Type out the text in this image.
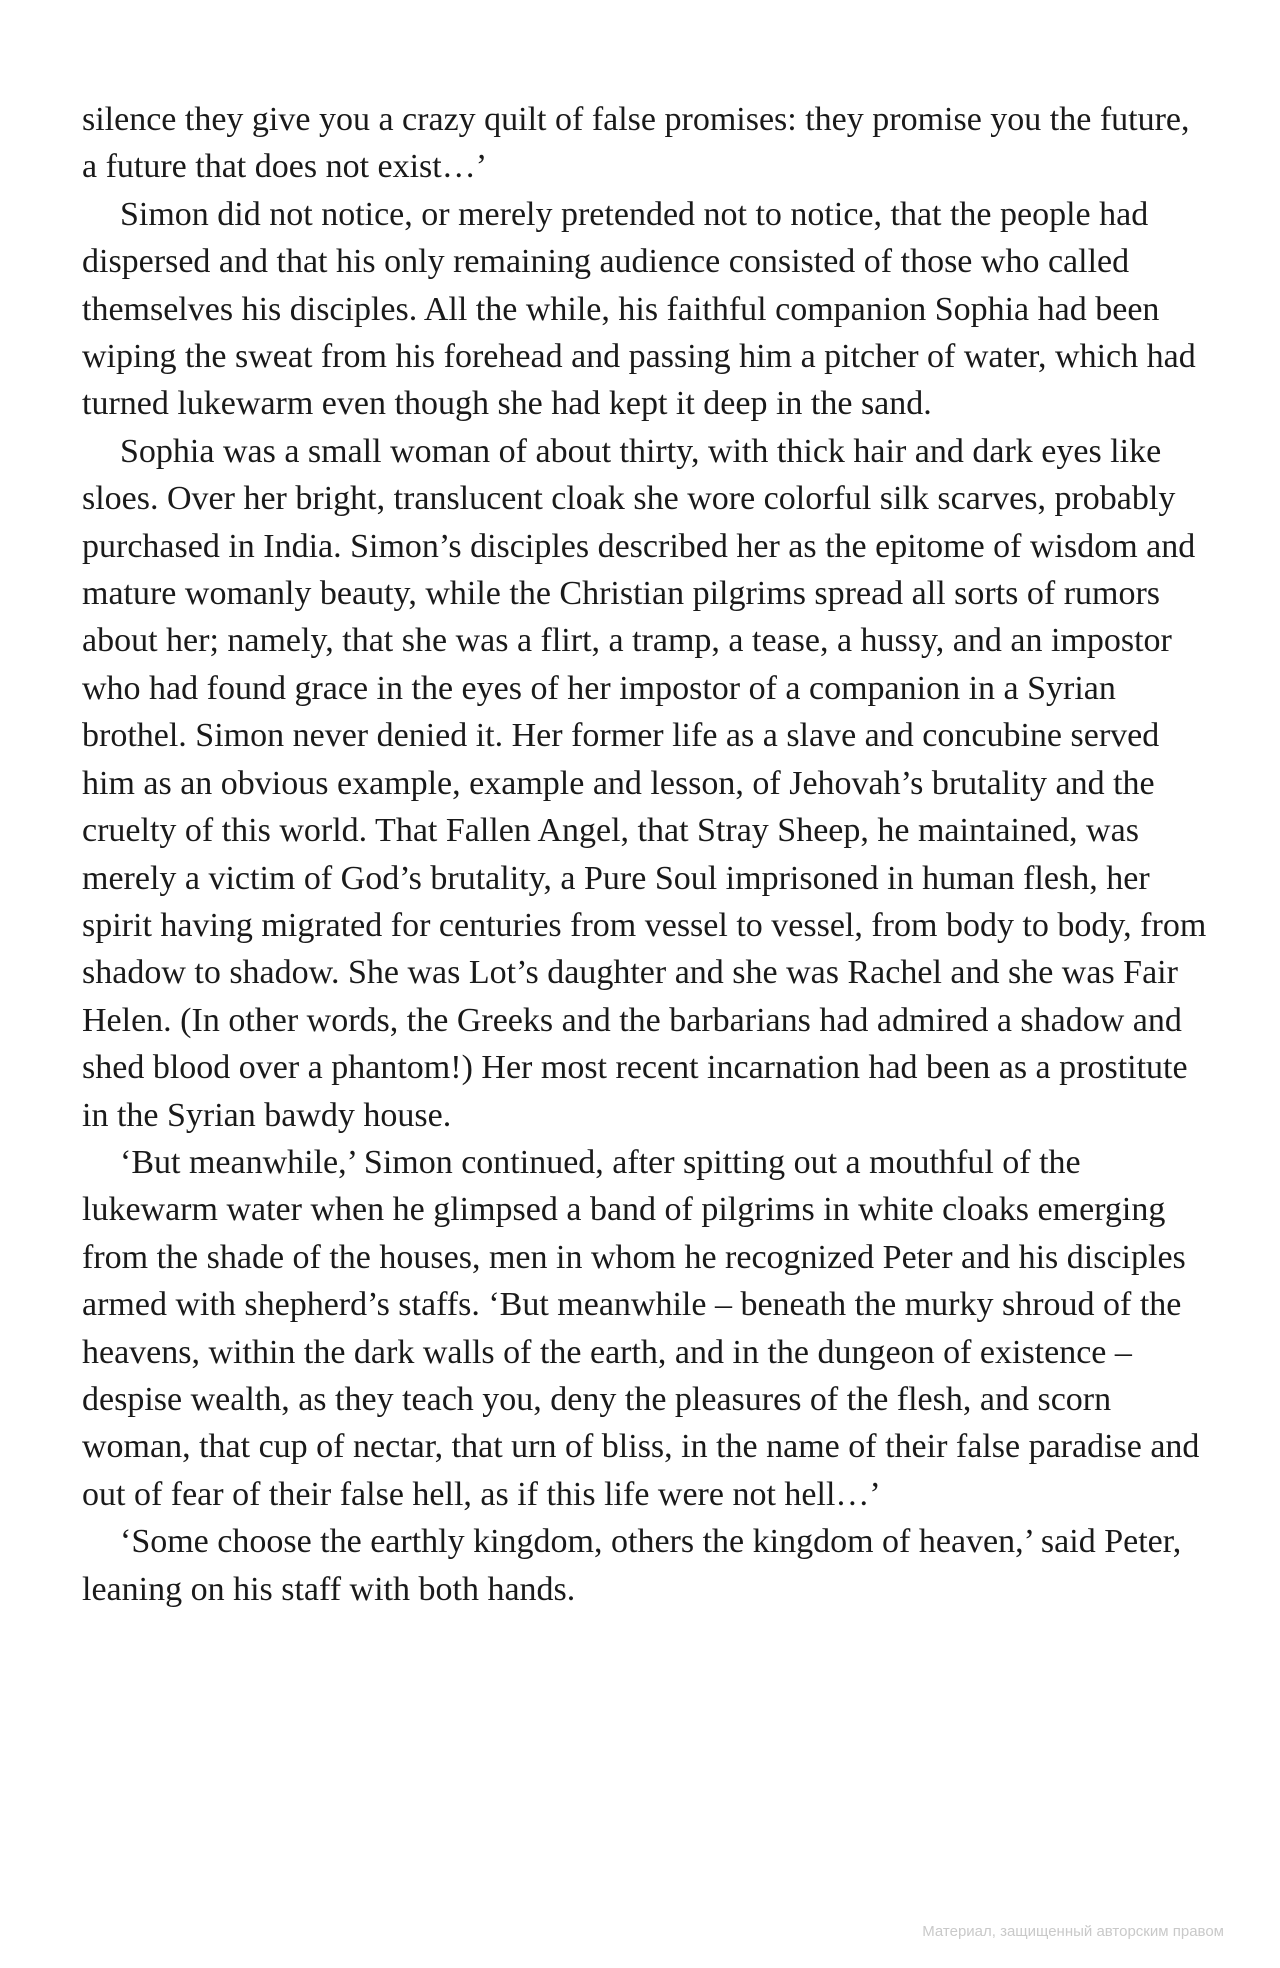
silence they give you a crazy quilt of false promises: they promise you the future, a future that does not exist…’

Simon did not notice, or merely pretended not to notice, that the people had dispersed and that his only remaining audience consisted of those who called themselves his disciples. All the while, his faithful companion Sophia had been wiping the sweat from his forehead and passing him a pitcher of water, which had turned lukewarm even though she had kept it deep in the sand.

Sophia was a small woman of about thirty, with thick hair and dark eyes like sloes. Over her bright, translucent cloak she wore colorful silk scarves, probably purchased in India. Simon’s disciples described her as the epitome of wisdom and mature womanly beauty, while the Christian pilgrims spread all sorts of rumors about her; namely, that she was a flirt, a tramp, a tease, a hussy, and an impostor who had found grace in the eyes of her impostor of a companion in a Syrian brothel. Simon never denied it. Her former life as a slave and concubine served him as an obvious example, example and lesson, of Jehovah’s brutality and the cruelty of this world. That Fallen Angel, that Stray Sheep, he maintained, was merely a victim of God’s brutality, a Pure Soul imprisoned in human flesh, her spirit having migrated for centuries from vessel to vessel, from body to body, from shadow to shadow. She was Lot’s daughter and she was Rachel and she was Fair Helen. (In other words, the Greeks and the barbarians had admired a shadow and shed blood over a phantom!) Her most recent incarnation had been as a prostitute in the Syrian bawdy house.

‘But meanwhile,’ Simon continued, after spitting out a mouthful of the lukewarm water when he glimpsed a band of pilgrims in white cloaks emerging from the shade of the houses, men in whom he recognized Peter and his disciples armed with shepherd’s staffs. ‘But meanwhile – beneath the murky shroud of the heavens, within the dark walls of the earth, and in the dungeon of existence – despise wealth, as they teach you, deny the pleasures of the flesh, and scorn woman, that cup of nectar, that urn of bliss, in the name of their false paradise and out of fear of their false hell, as if this life were not hell…’

‘Some choose the earthly kingdom, others the kingdom of heaven,’ said Peter, leaning on his staff with both hands.

Материал, защищенный авторским правом
